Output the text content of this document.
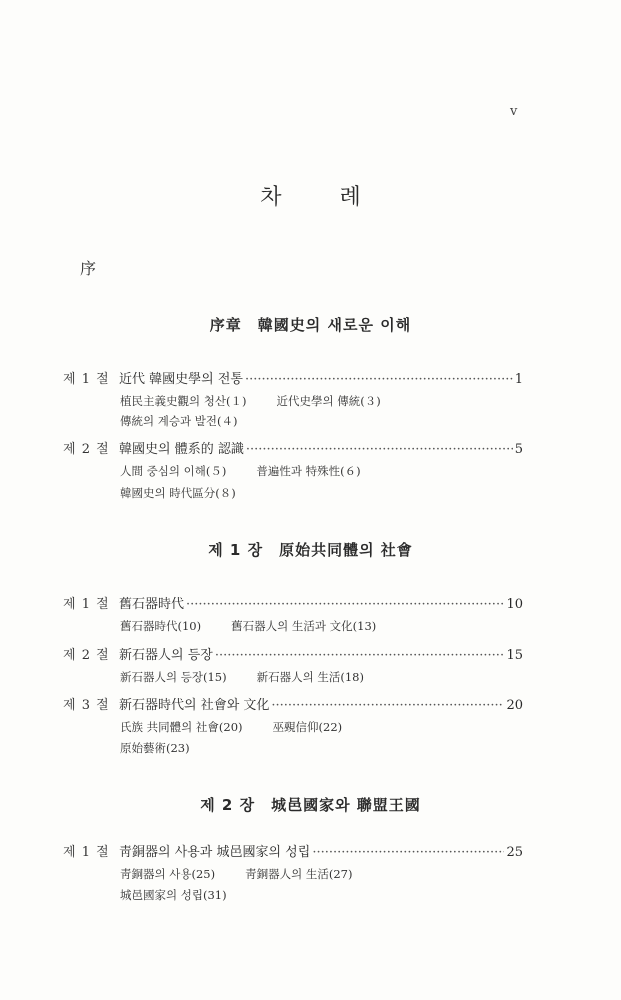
v
차례
序
序章　韓國史의 새로운 이해
제 1 절 近代 韓國史學의 전통 ·····	1
植民主義史觀의 청산(１)	近代史學의 傳統(３)
傳統의 계승과 발전(４)
제 2 절 韓國史의 體系的 認識 ·····	5
人間 중심의 이해(５)	普遍性과 特殊性(６)
韓國史의 時代區分(８)
제 1 장　原始共同體의 社會
제 1 절 舊石器時代 ·····	10
舊石器時代(10)	舊石器人의 生活과 文化(13)
제 2 절 新石器人의 등장 ·····	15
新石器人의 등장(15)	新石器人의 生活(18)
제 3 절 新石器時代의 社會와 文化 ·····	20
氏族 共同體의 社會(20)	巫覡信仰(22)
原始藝術(23)
제 2 장　城邑國家와 聯盟王國
제 1 절 靑銅器의 사용과 城邑國家의 성립 ·····	25
靑銅器의 사용(25)	靑銅器人의 生活(27)
城邑國家의 성립(31)
